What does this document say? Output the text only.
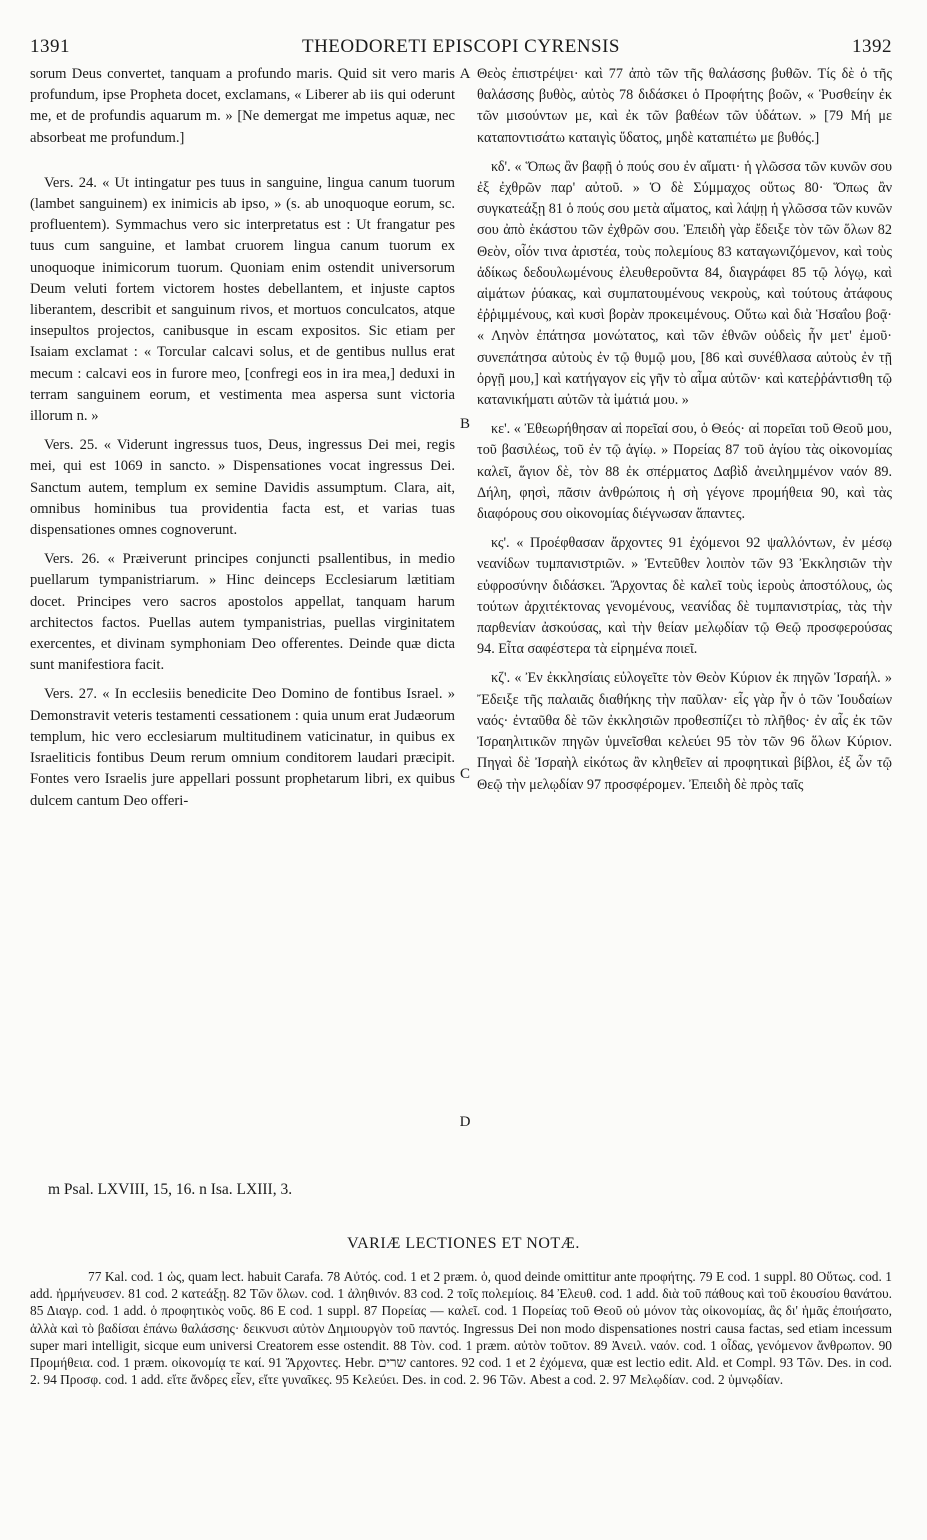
1391	THEODORETI EPISCOPI CYRENSIS	1392

sorum Deus convertet, tanquam a profundo maris. Quid sit vero maris profundum, ipse Propheta docet, exclamans, « Liberer ab iis qui oderunt me, et de profundis aquarum m. » [Ne demergat me impetus aquæ, nec absorbeat me profundum.]

Vers. 24. « Ut intingatur pes tuus in sanguine, lingua canum tuorum (lambet sanguinem) ex inimicis ab ipso, » (s. ab unoquoque eorum, sc. profluentem). Symmachus vero sic interpretatus est : Ut frangatur pes tuus cum sanguine, et lambat cruorem lingua canum tuorum ex unoquoque inimicorum tuorum. Quoniam enim ostendit universorum Deum veluti fortem victorem hostes debellantem, et injuste captos liberantem, describit et sanguinum rivos, et mortuos conculcatos, atque insepultos projectos, canibusque in escam expositos. Sic etiam per Isaiam exclamat : « Torcular calcavi solus, et de gentibus nullus erat mecum : calcavi eos in furore meo, [confregi eos in ira mea,] deduxi in terram sanguinem eorum, et vestimenta mea aspersa sunt victoria illorum n. »

Vers. 25. « Viderunt ingressus tuos, Deus, ingressus Dei mei, regis mei, qui est 1069 in sancto. » Dispensationes vocat ingressus Dei. Sanctum autem, templum ex semine Davidis assumptum. Clara, ait, omnibus hominibus tua providentia facta est, et varias tuas dispensationes omnes cognoverunt.

Vers. 26. « Præiverunt principes conjuncti psallentibus, in medio puellarum tympanistriarum. » Hinc deinceps Ecclesiarum lætitiam docet. Principes vero sacros apostolos appellat, tanquam harum architectos factos. Puellas autem tympanistrias, puellas virginitatem exercentes, et divinam symphoniam Deo offerentes. Deinde quæ dicta sunt manifestiora facit.

Vers. 27. « In ecclesiis benedicite Deo Domino de fontibus Israel. » Demonstravit veteris testamenti cessationem : quia unum erat Judæorum templum, hic vero ecclesiarum multitudinem vaticinatur, in quibus ex Israeliticis fontibus Deum rerum omnium conditorem laudari præcipit. Fontes vero Israelis jure appellari possunt prophetarum libri, ex quibus dulcem cantum Deo offeri-

A
B
C
D

Θεὸς ἐπιστρέψει· καὶ 77 ἀπὸ τῶν τῆς θαλάσσης βυθῶν. Τίς δὲ ὁ τῆς θαλάσσης βυθὸς, αὐτὸς 78 διδάσκει ὁ Προφήτης βοῶν, « Ῥυσθείην ἐκ τῶν μισούντων με, καὶ ἐκ τῶν βαθέων τῶν ὑδάτων. » [79 Μή με καταποντισάτω καταιγὶς ὕδατος, μηδὲ καταπιέτω με βυθός.]

κδ'. « Ὅπως ἂν βαφῇ ὁ πούς σου ἐν αἵματι· ἡ γλῶσσα τῶν κυνῶν σου ἐξ ἐχθρῶν παρ' αὐτοῦ. » Ὁ δὲ Σύμμαχος οὕτως 80· Ὅπως ἂν συγκατεάξῃ 81 ὁ πούς σου μετὰ αἵματος, καὶ λάψῃ ἡ γλῶσσα τῶν κυνῶν σου ἀπὸ ἑκάστου τῶν ἐχθρῶν σου. Ἐπειδὴ γὰρ ἔδειξε τὸν τῶν ὅλων 82 Θεὸν, οἷόν τινα ἀριστέα, τοὺς πολεμίους 83 καταγωνιζόμενον, καὶ τοὺς ἀδίκως δεδουλωμένους ἐλευθεροῦντα 84, διαγράφει 85 τῷ λόγῳ, καὶ αἱμάτων ῥύακας, καὶ συμπατουμένους νεκροὺς, καὶ τούτους ἀτάφους ἐῤῥιμμένους, καὶ κυσὶ βορὰν προκειμένους. Οὕτω καὶ διὰ Ἡσαΐου βοᾷ· « Ληνὸν ἐπάτησα μονώτατος, καὶ τῶν ἐθνῶν οὐδεὶς ἦν μετ' ἐμοῦ· συνεπάτησα αὐτοὺς ἐν τῷ θυμῷ μου, [86 καὶ συνέθλασα αὐτοὺς ἐν τῇ ὀργῇ μου,] καὶ κατήγαγον εἰς γῆν τὸ αἷμα αὐτῶν· καὶ κατεῤῥάντισθη τῷ κατανικήματι αὐτῶν τὰ ἱμάτιά μου. »

κε'. « Ἐθεωρήθησαν αἱ πορεῖαί σου, ὁ Θεός· αἱ πορεῖαι τοῦ Θεοῦ μου, τοῦ βασιλέως, τοῦ ἐν τῷ ἁγίῳ. » Πορείας 87 τοῦ ἁγίου τὰς οἰκονομίας καλεῖ, ἅγιον δὲ, τὸν 88 ἐκ σπέρματος Δαβὶδ ἀνειλημμένον ναόν 89. Δήλη, φησὶ, πᾶσιν ἀνθρώποις ἡ σὴ γέγονε προμήθεια 90, καὶ τὰς διαφόρους σου οἰκονομίας διέγνωσαν ἅπαντες.

κς'. « Προέφθασαν ἄρχοντες 91 ἐχόμενοι 92 ψαλλόντων, ἐν μέσῳ νεανίδων τυμπανιστριῶν. » Ἐντεῦθεν λοιπὸν τῶν 93 Ἐκκλησιῶν τὴν εὐφροσύνην διδάσκει. Ἄρχοντας δὲ καλεῖ τοὺς ἱεροὺς ἀποστόλους, ὡς τούτων ἀρχιτέκτονας γενομένους, νεανίδας δὲ τυμπανιστρίας, τὰς τὴν παρθενίαν ἀσκούσας, καὶ τὴν θείαν μελῳδίαν τῷ Θεῷ προσφερούσας 94. Εἶτα σαφέστερα τὰ εἰρημένα ποιεῖ.

κζ'. « Ἐν ἐκκλησίαις εὐλογεῖτε τὸν Θεὸν Κύριον ἐκ πηγῶν Ἰσραήλ. » Ἔδειξε τῆς παλαιᾶς διαθήκης τὴν παῦλαν· εἷς γὰρ ἦν ὁ τῶν Ἰουδαίων ναός· ἐνταῦθα δὲ τῶν ἐκκλησιῶν προθεσπίζει τὸ πλῆθος· ἐν αἷς ἐκ τῶν Ἰσραηλιτικῶν πηγῶν ὑμνεῖσθαι κελεύει 95 τὸν τῶν 96 ὅλων Κύριον. Πηγαὶ δὲ Ἰσραὴλ εἰκότως ἂν κληθεῖεν αἱ προφητικαὶ βίβλοι, ἐξ ὧν τῷ Θεῷ τὴν μελῳδίαν 97 προσφέρομεν. Ἐπειδὴ δὲ πρὸς ταῖς

m Psal. LXVIII, 15, 16. n Isa. LXIII, 3.
VARIÆ LECTIONES ET NOTÆ.

77 Kal. cod. 1 ὡς, quam lect. habuit Carafa. 78 Αὐτός. cod. 1 et 2 præm. ὁ, quod deinde omittitur ante προφήτης. 79 E cod. 1 suppl. 80 Οὕτως. cod. 1 add. ἡρμήνευσεν. 81 cod. 2 κατεάξῃ. 82 Τῶν ὅλων. cod. 1 ἀληθινόν. 83 cod. 2 τοῖς πολεμίοις. 84 Ἐλευθ. cod. 1 add. διὰ τοῦ πάθους καὶ τοῦ ἑκουσίου θανάτου. 85 Διαγρ. cod. 1 add. ὁ προφητικὸς νοῦς. 86 E cod. 1 suppl. 87 Πορείας — καλεῖ. cod. 1 Πορείας τοῦ Θεοῦ οὐ μόνον τὰς οἰκονομίας, ἃς δι' ἡμᾶς ἐποιήσατο, ἀλλὰ καὶ τὸ βαδίσαι ἐπάνω θαλάσσης· δεικνυσι αὐτὸν Δημιουργὸν τοῦ παντός. Ingressus Dei non modo dispensationes nostri causa factas, sed etiam incessum super mari intelligit, sicque eum universi Creatorem esse ostendit. 88 Τὸν. cod. 1 præm. αὐτὸν τοῦτον. 89 Ἀνειλ. ναόν. cod. 1 οἶδας, γενόμενον ἄνθρωπον. 90 Προμήθεια. cod. 1 præm. οἰκονομίᾳ τε καί. 91 Ἄρχοντες. Hebr. שרים cantores. 92 cod. 1 et 2 ἐχόμενα, quæ est lectio edit. Ald. et Compl. 93 Τῶν. Des. in cod. 2. 94 Προσφ. cod. 1 add. εἴτε ἄνδρες εἶεν, εἴτε γυναῖκες. 95 Κελεύει. Des. in cod. 2. 96 Τῶν. Abest a cod. 2. 97 Μελῳδίαν. cod. 2 ὑμνῳδίαν.
